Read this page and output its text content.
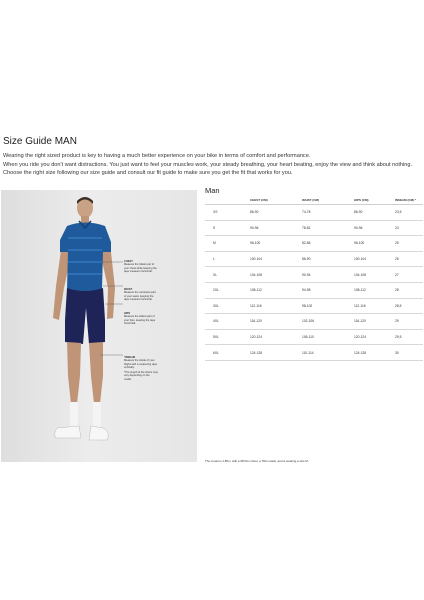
Size Guide MAN
Wearing the right sized product is key to having a much better experience on your bike in terms of comfort and performance.
When you ride you don't want distractions. You just want to feel your muscles work, your steady breathing, your heart beating, enjoy the view and think about nothing.
Choose the right size following our size guide and consult our fit guide to make sure you get the fit that works for you.
CHEST
Measure the fullest part of your chest while keeping the tape measure horizontal.
WAIST
Measure the narrowest part of your waist, keeping the tape measure horizontal.
HIPS
Measure the widest part of your hips, keeping the tape horizontal.
*INSEAM
Measure the inside of your thighs with a measuring tape vertically.
*The length of the shorts may vary depending on the model.
Man
	CHEST (CM)	WAIST (CM)	HIPS (CM)	INSEAM (CM) *
XS	86-90	74-78	86-90	23,5
S	90-96	78-82	90-96	24
M	96-100	82-86	96-100	25
L	100-104	86-90	100-104	26
XL	104-108	90-94	104-108	27
2XL	108-112	94-98	108-112	28
3XL	112-116	98-102	112-116	28,5
4XL	116-120	102-106	116-120	29
5XL	120-124	106-110	120-124	29,5
6XL	124-128	110-114	124-128	30
The model is 1.85m, with a 98.5cm chest, a 78cm waist, and is wearing a size M.
